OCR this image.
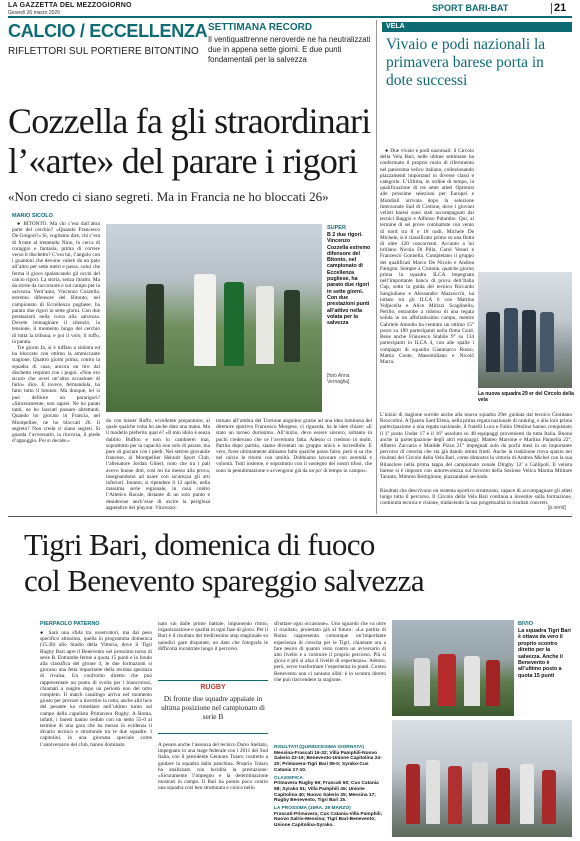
LA GAZZETTA DEL MEZZOGIORNO
Giovedì 26 marzo 2026	SPORT BARI-BAT	21
CALCIO / ECCELLENZA
RIFLETTORI SUL PORTIERE BITONTINO
SETTIMANA RECORD
Il ventiquattrenne neroverde ne ha neutralizzati due in appena sette giorni. E due punti fondamentali per la salvezza
Cozzella fa gli straordinari
l’«arte» del parare i rigori
«Non credo ci siano segreti. Ma in Francia ne ho bloccati 26»
MARIO SICOLO

● BITONTO. Ma chi c’era dall’altra parte del cerchio? «Quando Francesco De Gregori?» Sì, vogliamo dire, chi c’era di fronte al tremendo Nino, in cerca di coraggio e fantasia, prima di correre verso il dischetto? C’era lui, l’angolo con i guantoni che devono valere da un palo all’altro per sette metri e passa, colui che ferma il gioco spalancando gli occhi del calcio rigori. La storia, senza ritratto. Ma da storie da raccontare e sul campo per la salvezza. Vent’anni, Vincenzo Cozzella, estremo difensore del Bitonto, nel campionato di Eccellenza pugliese, ha parato due rigori in sette giorni. Con due prestazioni nella corsa alla salvezza. Dovete immaginare il silenzio, la tensione, il momento lungo del cerchio di tutta la tribuna, e poi il volo, il tuffo, la parata.

Tre giorni fa, si è tuffato a sinistra ed ha bloccato con ottimo la ammiccante stagione. Quattro giorni prima, contro la squadra di casa, ancora un tiro dal dischetto respinto con i pugni. «Non ero sicuro che avrei un’altra occasione di farlo» dice. E invece, fermandola, ha fatto tutto il bitonto. Ma dunque, lei si può definire un pararigori? «Sinceramente, non saprei. Ne ho parati tanti, ne ho lasciati passare altrettanti. Quando ho giocato in Francia, nel Montpellier, ne ho bloccati 26. Il segreto? Non credo ci siano segreti. Si guarda l’avversario, la rincorsa, il piede d’appoggio. Poi si decide.»

SUPER
B 2 due rigori. Vincenzo Cozzella estremo difensore del Bitonto, nel campionato di Eccellenza pugliese, ha parato due rigori in sette giorni. Con due prestazioni punti all’attivo nella volata per la salvezza
[foto Anna Vernaglia]
do con mister Ruffo, eccellente preparatore, al quale qualche volta ho anche dato una mano. Ma il modello preferito qual è? «Il mio idolo è senza dubbio Buffon e non lo cambierei mai, soprattutto per la capacità non solo di parare, ma pure di giocare con i piedi. Nel settore giovanile francese, al Montpellier Hérault Sport Club, l’allenatore Jordan Gibert, noto che tra i pali avevo buone doti, così mi ha messo alla prova, insegnandomi ad usare con sicurezza gli arti inferiori. Intanto, si ripendere il 12 aprile, nella massima serie regionale, in casa contro l’Atletico Racale, distante di un solo punto e desiderose anch’esse di uscire la periglosa appendice dei playout. Vincenzo-
tornato all’ombra del Torrione angioino grazie ad una idea luminosa del direttore sportivo Francesco Morgese, ci riguarda, ha le idee chiare: «E stato un torneo durissimo. All’inizio, devo essere sincero, soltanto in pochi credevano che ce l’avremmo fatta. Adesso ci credono in molti. Partita dopo partita, siamo diventati un gruppo unico e incredibile. E vero, forse ultimamente abbiamo fatto qualche passo falso, però si sa che nel calcio le ritorni con umiltà. Dobbiamo lavorare con serenità e volontà. Tutti insieme, e soprattutto con il sostegno dei nostri tifosi, che sono la penultimazione e avvengono già da un po’ di tempo in campo».
VELA
Vivaio e podi nazionali la primavera barese porta in dote successi

● Due vivaio e podi nazionali: il Circolo della Vela Bari, nelle ultime settimane ha confermato il proprio ruolo di riferimento nel panorama velico italiano, collezionando piazzamenti importanti in diverse classi e categorie. L’Ultima, in ordine di tempo, la qualificazione di tre sette atleti Optimist alle prossime selezioni per Europei e Mondiali arrivata dopo la selezione Interzonale Sud di Crotone, dove i giovani velisti baresi sono stati accompagnati dai tecnici Baggio e Alfonso Palumbo. Qui, al termine di sei prove combattute con vento di nord tra 8 e 18 nodi, Michele De Michele, si è classificato primo su una flotta di oltre 120 concorrenti. Accanto a lui brillano Nicola Di Pilla, Carol Vesuri e Francesco Gonnella. Completano il gruppo dei qualificati Marco De Nicolo e Andrea Fanigno. Sempre a Crotone, qualche giorno prima la squadra ILCA impegnata nell’importante banco di prova dell’Italia Cup, sotto la guida del tecnico Riccardo Sangiuliano e Alessandro Mazzucchi, ha lottato tra gli ILCA 6 con Martina Volpicella e Alice Mirizzi Scaglinella, Perillo, entrambe a ridosso di una regata solida in un affollatissimo campo, mentre Gabriele Amodio ha centrato un ottimo 15° posto su 189 partecipanti nella flotta Gold. Bene anche Francesco Stabile 9° su 134 partecipanti in ILCA 4, con alle spalle i compagni di squadra Gianmarco Russo, Mattia Conte, Massimiliano e Nicolò Marra.

La nuova squadra 29 er del Circolo della vela
L’inizio di stagione sorride anche alla nuova squadra 29er guidata dal tecnico Giordano Broccolini. A Quartu Sant’Elena, nella prima regata nazionale di ranking, e alla loro prima partecipazione a una regata nazionale, il fratelli Luca e Fabio Ottolino hanno conquistato il 1° posto Under 17 e il 16° assoluto su 48 equipaggi provenienti da tutta Italia. Buona anche la partecipazione degli altri equipaggi: Matteo Marrone e Martina Pannella 22°, Alberto Zaccaria e Matilde Pizzo 21° impegnati solo da pochi mesi in un importante percorso di crescita che sta già dando ottimi frutti. Anche la tradizione trova spazio nei risultati del Circolo della Vela Bari, come dimostra la vittoria di Andrea Michel con la sua Bilanciere nella prima tappa del campionato zonale Dinghy 12’ a Gallipoli. Il velista barese si è imposto con autorevolezza sul favorito della Sezione Velica Marina Militare Taranto, Mimmo Bottiglione, piazzandosi secondo.
Risultati che descrivono un sistema sportivo strutturato, capace di accompagnare gli atleti lungo tutto il percorso. Il Circolo della Vela Bari continua a investire sulla formazione, continuità tecnica e visione, traducendo la sua progettualità in risultati concreti.
[p.verid]
Tigri Bari, domenica di fuoco
col Benevento spareggio salvezza
PIERPAOLO PATERNO
● Sarà una sfida tra osservatori, ma dal peso specifico altissimo, quella in programma domenica (15.30) allo Stadio della Vittoria, dove il Tigri Rugby Bari apre il Benevento nel prossimo turno di serie B. Entrambe ferme a quota 15 punti e in fondo alla classifica del girone 4, le due formazioni si giocano una fetta importante della residua speranza di rivalsa. Un confronto diretto che può rappresentare un punto di svolta per i biancorossi, chiamati a reagire dopo un periodo non del tutto completo. Il match casalingo arriva nel momento giusto per provare a invertire la rotta, anche alla luce del pesante ko rimediato nell’ultimo turno sul campo della capolista Primavera Rugby. A Roma, infatti, i baresi hanno ceduto con un netto 55-0 al termine di una gara che ha messo in evidenza il divario tecnico e strutturale tra le due squadre. I capitolini, in una giornata speciale come l’anniversario del club, hanno dominato
nato sin dalle prime battute, imponendo ritmo, organizzazione e qualità in ogni fase di gioco. Per il Bari è il risultato del tredicesimo stop stagionale su quindici gare disputate, un dato che fotografa le difficoltà incontrate lungo il percorso.
RUGBY
Di fronte due squadre appaiate in ultima posizione nel campionato di serie B
A pesare anche l’assenza del tecnico Dario Stellato, impegnato in una stage federale con i 2011 del Sud Italia, con il presidente Gennaro Totaro costretto a guidare la squadra dalla panchina. Proprio Totaro ha analizzato con lucidità la prestazione: «Sicuramente l’impegno e la determinazione mostrati in campo. Il Bari ha potuto poco contro una squadra così ben strutturata e cinica nello
sfruttare ogni occasione». Uno sguardo che va oltre il risultato, proiettato già al futuro: «La partita di Roma rappresenta comunque un’importante esperienza di crescita per le Tigri, chiamate ora a fare tesoro di quanto visto contro un avversario di alto livello e a costruire il proprio percorso. Più si gioca e più si alza il livello di esperienza». Adesso, però, serve trasformare l’esperienza in punti. Contro Benevento non ci saranno alibi: è lo scontro diretto che può riaccendere la stagione.
RISULTATI (QUINDICESIMA GIORNATA)
Messina-Frascati 16-32; Villa Pamphili-Nuovo Salerio 22-19; Benevento-Unione Capitolina 24-20; Primavera-Tigri Bari 55-0; Syrako-Cus Catania 17-10.
CLASSIFICA
Primavera Rugby 66; Frascati 60; Cus Catania 58; Syrako 51; Villa Pamphili 45; Unione Capitolina 40; Nuovo Salerio 25; Messina 17; Rugby Benevento, Tigri Bari 15.
LA PROSSIMA (15RA, 29 MARZO)
Frascati-Primavera; Cus Catania-Villa Pamphili; Nuovo Salrio-Messina; Tigri Bari-Benevento; Unione Capitolina-Syrako.
BIVIO
La squadra Tigri Bari è ottava da vero il proprio scontro diretto per la salvezza. Anche il Benevento è all’ultimo posto a quota 15 punti
